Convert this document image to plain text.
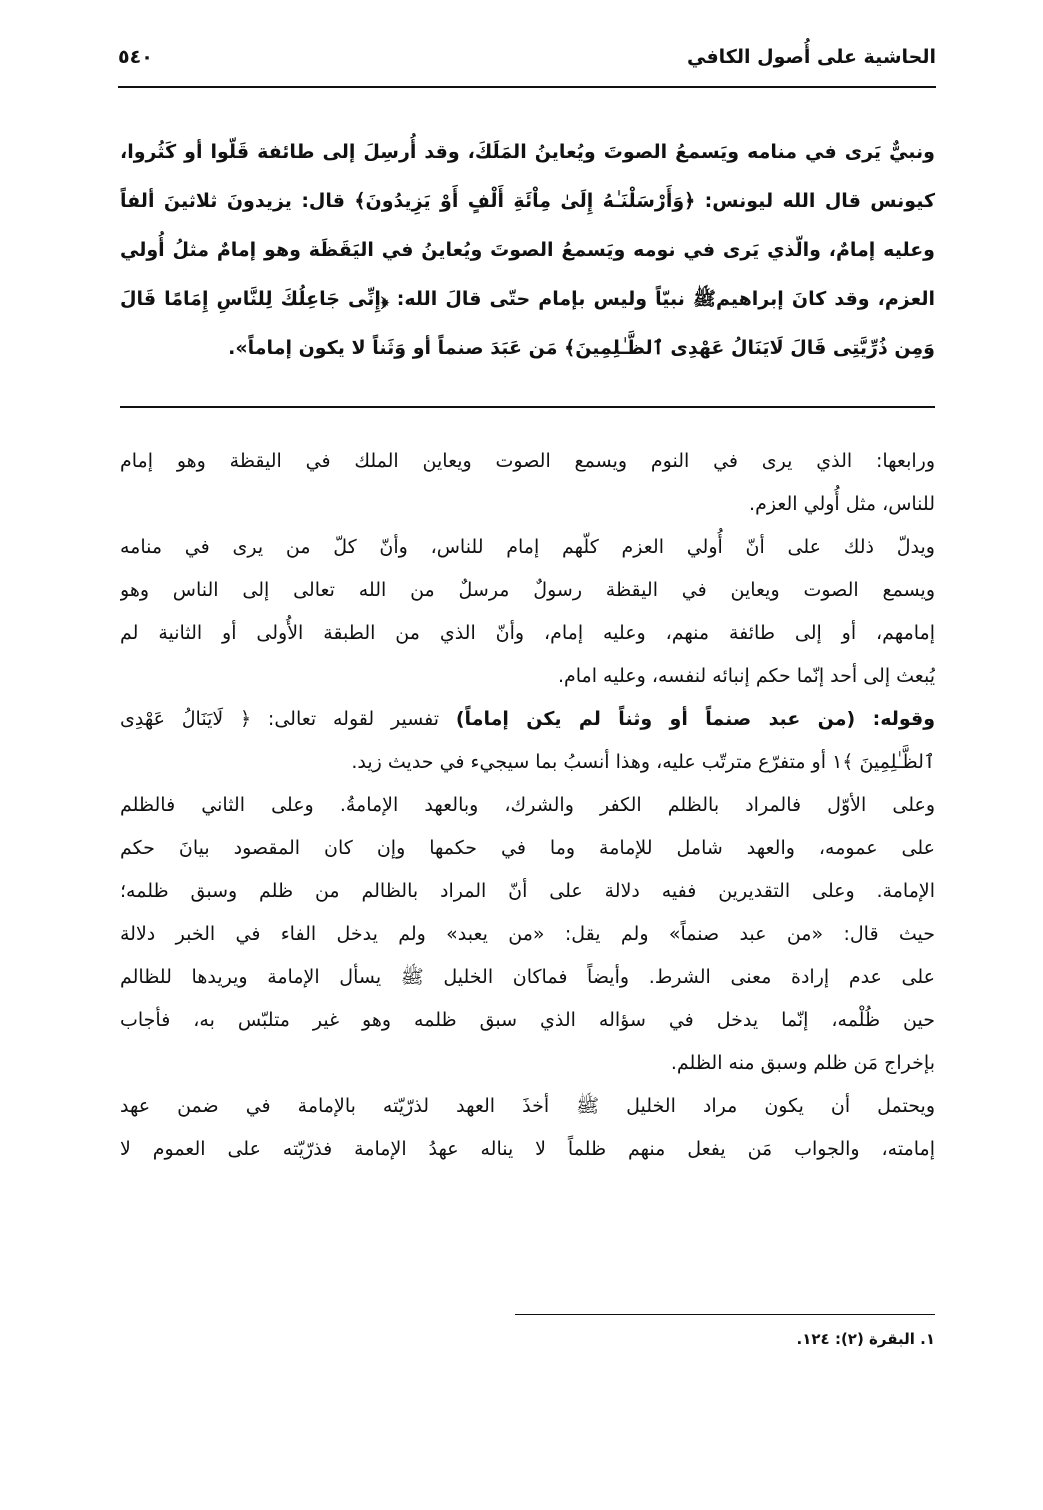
الحاشية على أُصول الكافي
٥٤٠
ونبيٌّ يَرى في منامه ويَسمعُ الصوتَ ويُعاينُ المَلَكَ، وقد أُرسِلَ إلى طائفة قَلّوا أو كَثُروا،
كيونس قال الله ليونس: ﴿وَأَرْسَلْنَـٰهُ إِلَىٰ مِاْئَةِ أَلْفٍ أَوْ يَزِيدُونَ﴾ قال: يزيدونَ ثلاثينَ ألفاً
وعليه إمامٌ، والّذي يَرى في نومه ويَسمعُ الصوتَ ويُعاينُ في اليَقَظَة وهو إمامٌ مثلُ أُولي
العزم، وقد كانَ إبراهيمﷺ نبيّاً وليس بإمام حتّى قالَ الله: ﴿إِنِّى جَاعِلُكَ لِلنَّاسِ إِمَامًا قَالَ
وَمِن ذُرِّيَّتِى قَالَ لَايَنَالُ عَهْدِى ٱلظَّـٰلِمِينَ﴾ مَن عَبَدَ صنماً أو وَثَناً لا يكون إماماً».
ورابعها: الذي يرى في النوم ويسمع الصوت ويعاين الملك في اليقظة وهو إمام
للناس، مثل أُولي العزم.
ويدلّ ذلك على أنّ أُولي العزم كلّهم إمام للناس، وأنّ كلّ من يرى في منامه
ويسمع الصوت ويعاين في اليقظة رسولٌ مرسلٌ من الله تعالى إلى الناس وهو
إمامهم، أو إلى طائفة منهم، وعليه إمام، وأنّ الذي من الطبقة الأُولى أو الثانية لم
يُبعث إلى أحد إنّما حكم إنبائه لنفسه، وعليه امام.
وقوله: (من عبد صنماً أو وثناً لم يكن إماماً) تفسير لقوله تعالى: ﴿ لَايَنَالُ عَهْدِى
ٱلظَّـٰلِمِينَ ﴾١ أو متفرّع مترتّب عليه، وهذا أنسبُ بما سيجيء في حديث زيد.
وعلى الأوّل فالمراد بالظلم الكفر والشرك، وبالعهد الإمامةُ. وعلى الثاني فالظلم
على عمومه، والعهد شامل للإمامة وما في حكمها وإن كان المقصود بيانَ حكم
الإمامة. وعلى التقديرين ففيه دلالة على أنّ المراد بالظالم من ظلم وسبق ظلمه؛
حيث قال: «من عبد صنماً» ولم يقل: «من يعبد» ولم يدخل الفاء في الخبر دلالة
على عدم إرادة معنى الشرط. وأيضاً فماكان الخليل ﷺ يسأل الإمامة ويريدها للظالم
حين ظُلْمه، إنّما يدخل في سؤاله الذي سبق ظلمه وهو غير متلبّس به، فأجاب
بإخراج مَن ظلم وسبق منه الظلم.
ويحتمل أن يكون مراد الخليل ﷺ أخذَ العهد لذرّيّته بالإمامة في ضمن عهد
إمامته، والجواب مَن يفعل منهم ظلماً لا يناله عهدُ الإمامة فذرّيّته على العموم لا
١. البقرة (٢): ١٢٤.
